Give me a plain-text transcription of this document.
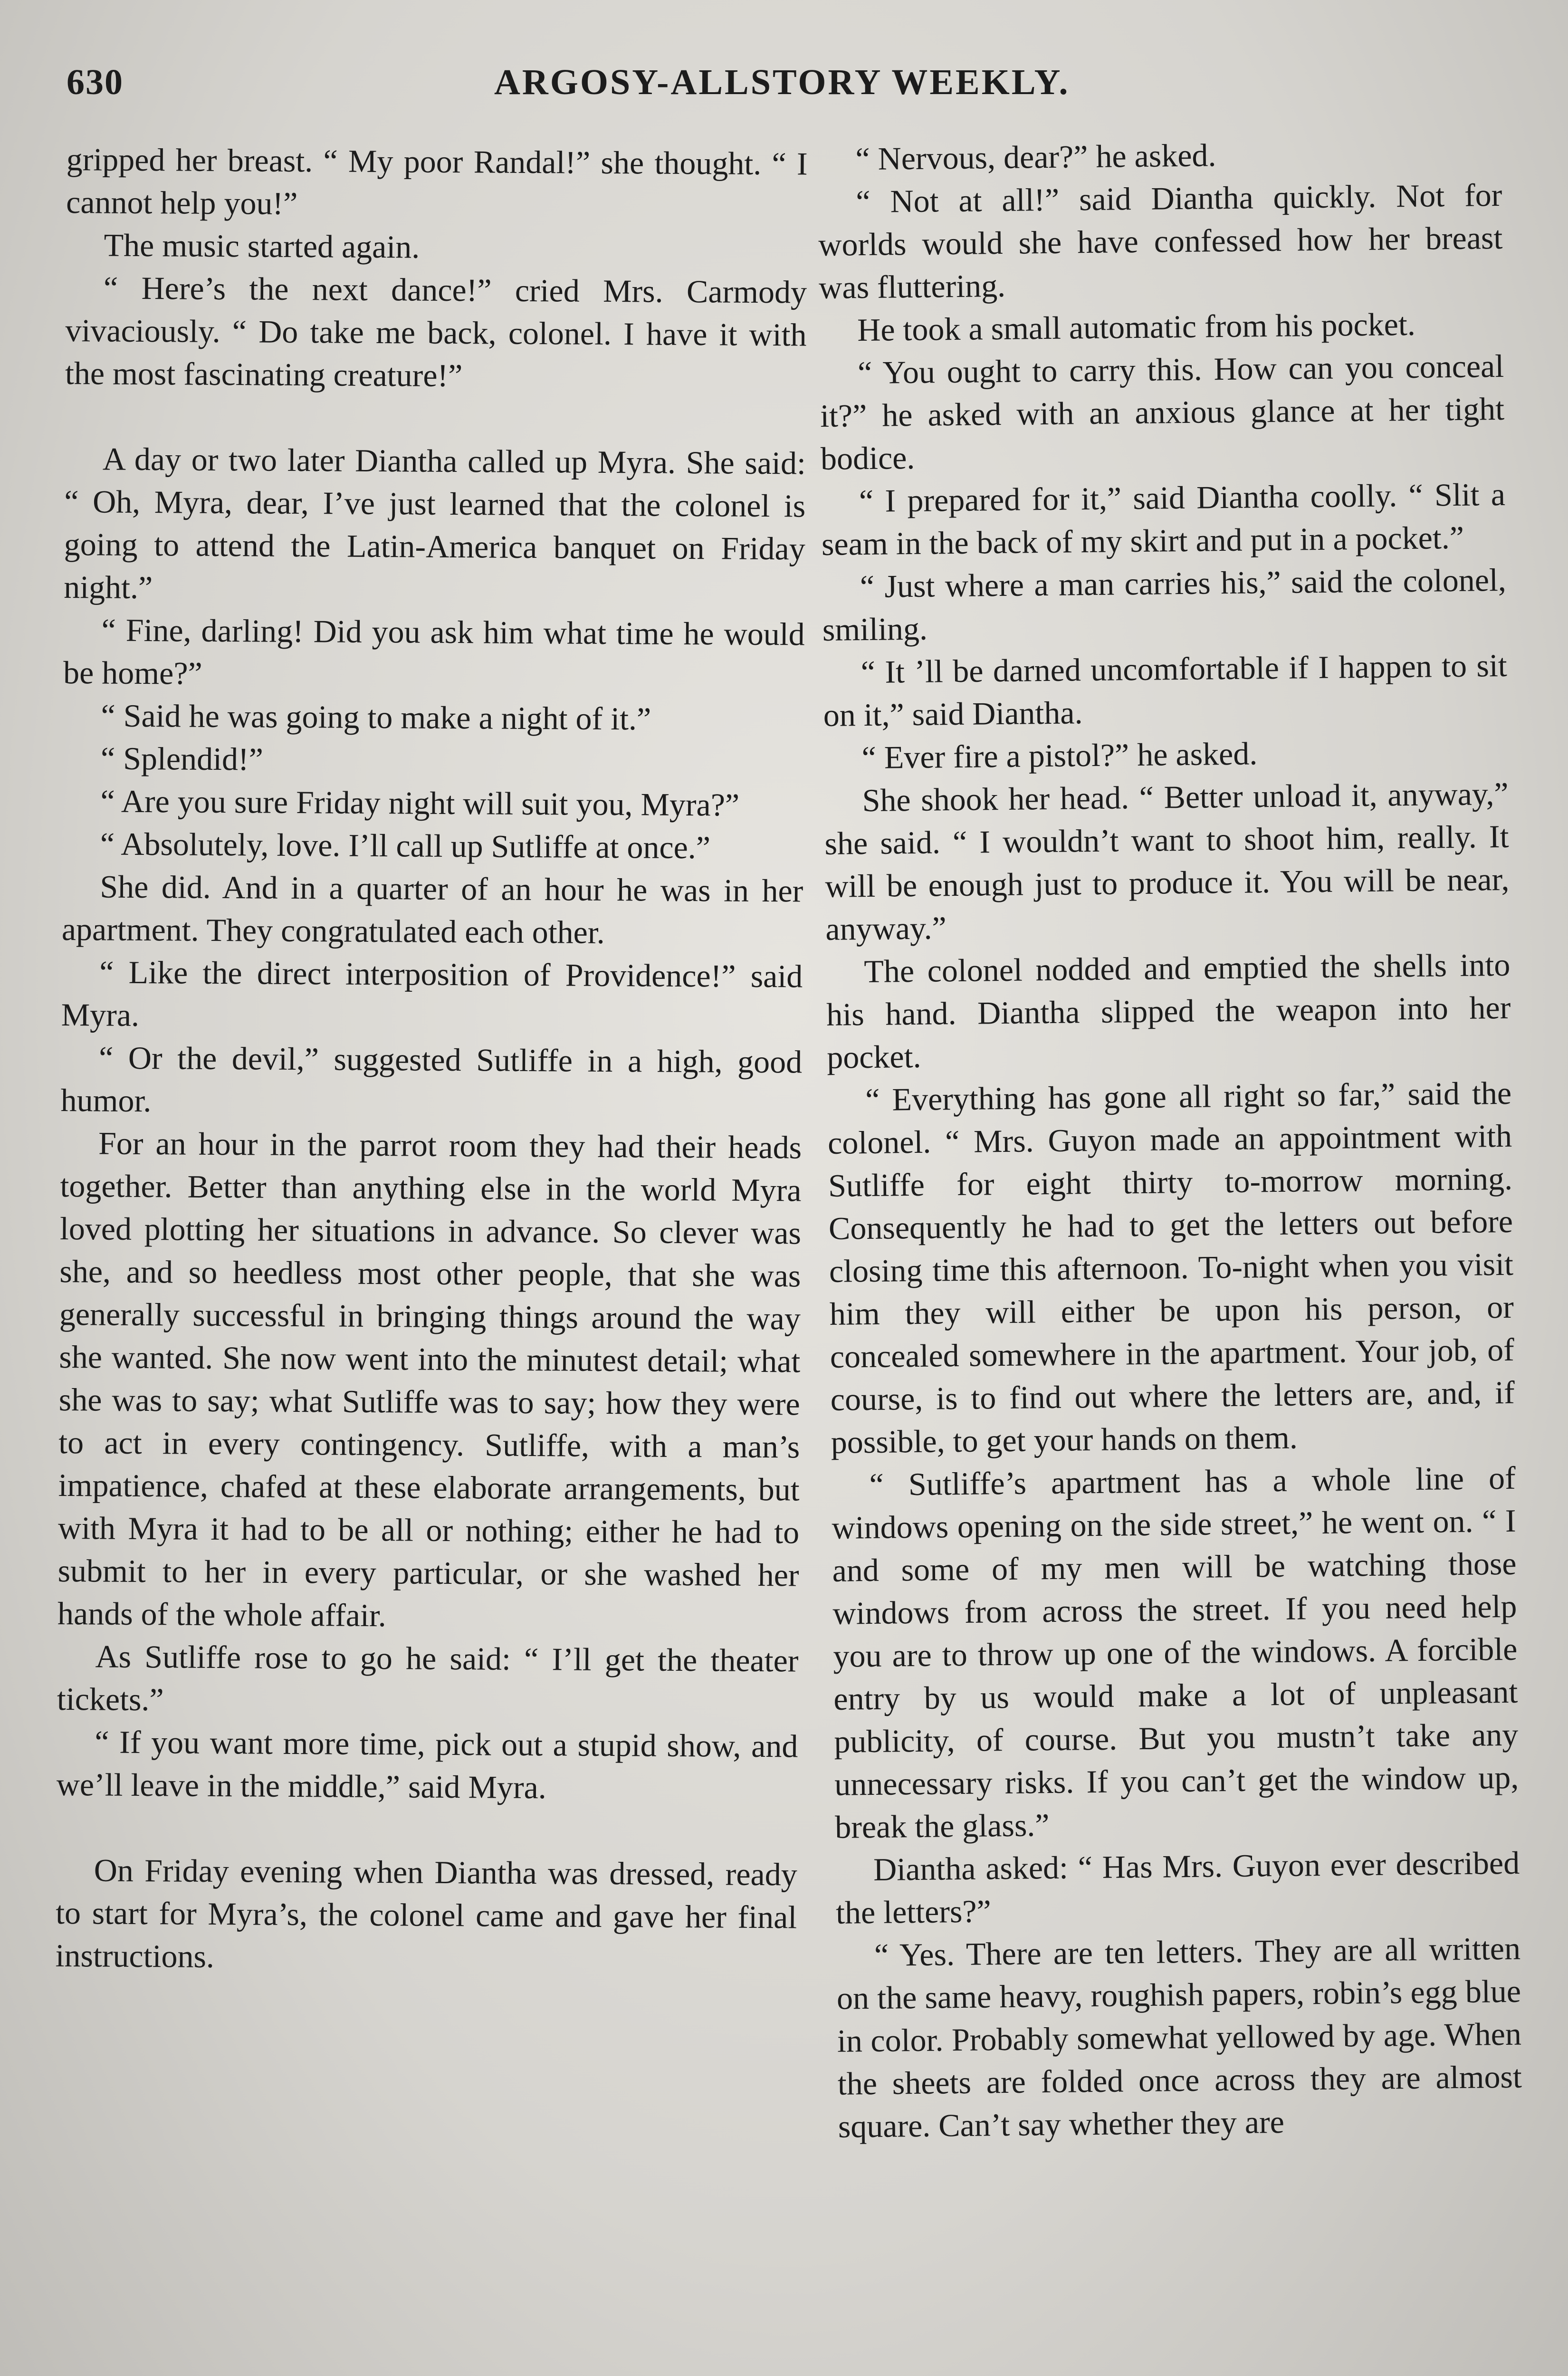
630	ARGOSY-ALLSTORY WEEKLY.

gripped her breast. “ My poor Randal!” she thought. “ I cannot help you!”

The music started again.

“ Here’s the next dance!” cried Mrs. Carmody vivaciously. “ Do take me back, colonel. I have it with the most fascinating creature!”

A day or two later Diantha called up Myra. She said: “ Oh, Myra, dear, I’ve just learned that the colonel is going to attend the Latin-America banquet on Friday night.”

“ Fine, darling! Did you ask him what time he would be home?”

“ Said he was going to make a night of it.”

“ Splendid!”

“ Are you sure Friday night will suit you, Myra?”

“ Absolutely, love. I’ll call up Sutliffe at once.”

She did. And in a quarter of an hour he was in her apartment. They congratulated each other.

“ Like the direct interposition of Providence!” said Myra.

“ Or the devil,” suggested Sutliffe in a high, good humor.

For an hour in the parrot room they had their heads together. Better than anything else in the world Myra loved plotting her situations in advance. So clever was she, and so heedless most other people, that she was generally successful in bringing things around the way she wanted. She now went into the minutest detail; what she was to say; what Sutliffe was to say; how they were to act in every contingency. Sutliffe, with a man’s impatience, chafed at these elaborate arrangements, but with Myra it had to be all or nothing; either he had to submit to her in every particular, or she washed her hands of the whole affair.

As Sutliffe rose to go he said: “ I’ll get the theater tickets.”

“ If you want more time, pick out a stupid show, and we’ll leave in the middle,” said Myra.

On Friday evening when Diantha was dressed, ready to start for Myra’s, the colonel came and gave her final instructions.

“ Nervous, dear?” he asked.

“ Not at all!” said Diantha quickly. Not for worlds would she have confessed how her breast was fluttering.

He took a small automatic from his pocket.

“ You ought to carry this. How can you conceal it?” he asked with an anxious glance at her tight bodice.

“ I prepared for it,” said Diantha coolly. “ Slit a seam in the back of my skirt and put in a pocket.”

“ Just where a man carries his,” said the colonel, smiling.

“ It ’ll be darned uncomfortable if I happen to sit on it,” said Diantha.

“ Ever fire a pistol?” he asked.

She shook her head. “ Better unload it, anyway,” she said. “ I wouldn’t want to shoot him, really. It will be enough just to produce it. You will be near, anyway.”

The colonel nodded and emptied the shells into his hand. Diantha slipped the weapon into her pocket.

“ Everything has gone all right so far,” said the colonel. “ Mrs. Guyon made an appointment with Sutliffe for eight thirty to-morrow morning. Consequently he had to get the letters out before closing time this afternoon. To-night when you visit him they will either be upon his person, or concealed somewhere in the apartment. Your job, of course, is to find out where the letters are, and, if possible, to get your hands on them.

“ Sutliffe’s apartment has a whole line of windows opening on the side street,” he went on. “ I and some of my men will be watching those windows from across the street. If you need help you are to throw up one of the windows. A forcible entry by us would make a lot of unpleasant publicity, of course. But you mustn’t take any unnecessary risks. If you can’t get the window up, break the glass.”

Diantha asked: “ Has Mrs. Guyon ever described the letters?”

“ Yes. There are ten letters. They are all written on the same heavy, roughish papers, robin’s egg blue in color. Probably somewhat yellowed by age. When the sheets are folded once across they are almost square. Can’t say whether they are
